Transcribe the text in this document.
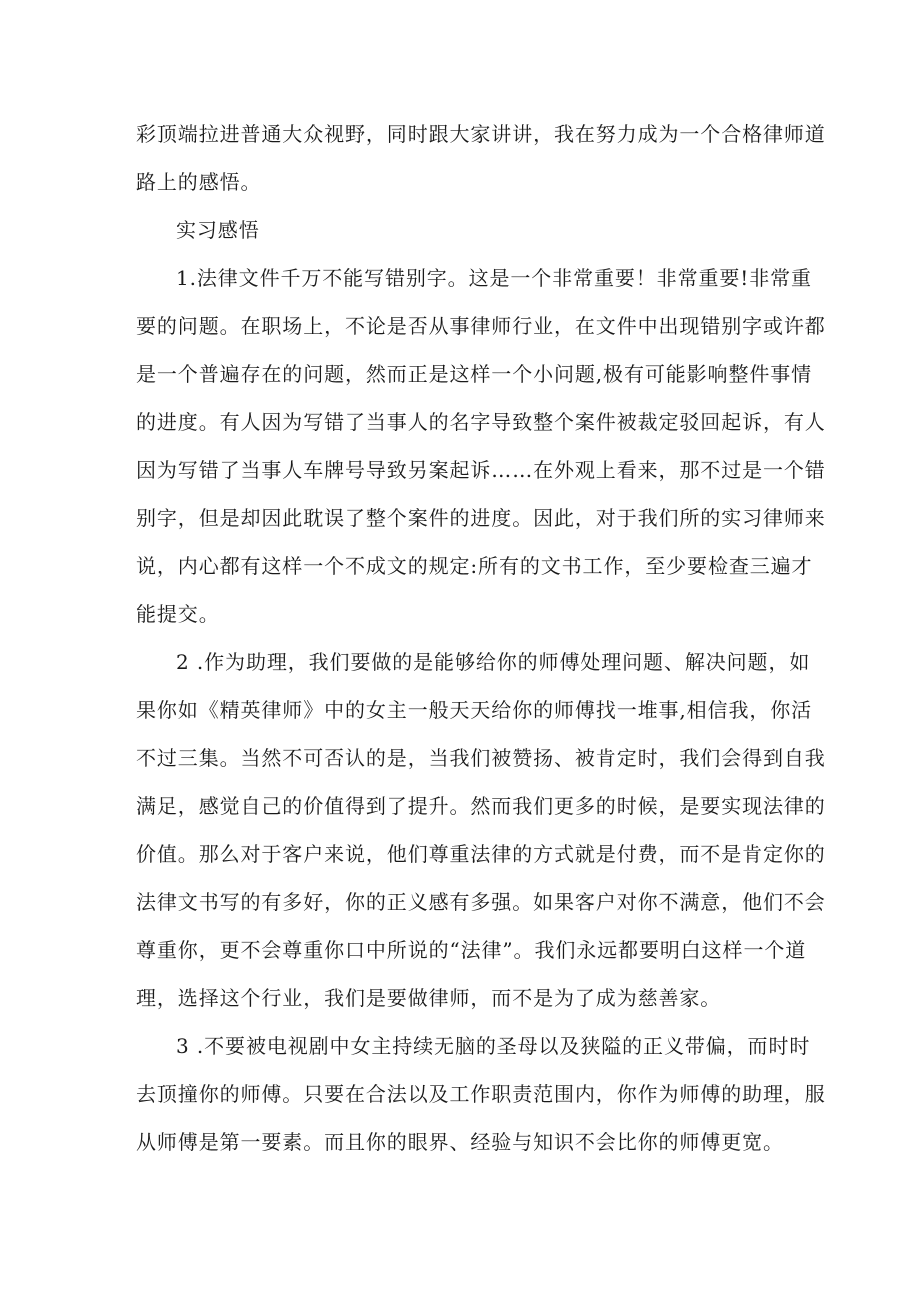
彩顶端拉进普通大众视野，同时跟大家讲讲，我在努力成为一个合格律师道
路上的感悟。
实习感悟
1.法律文件千万不能写错别字。这是一个非常重要！非常重要!非常重
要的问题。在职场上，不论是否从事律师行业，在文件中出现错别字或许都
是一个普遍存在的问题，然而正是这样一个小问题,极有可能影响整件事情
的进度。有人因为写错了当事人的名字导致整个案件被裁定驳回起诉，有人
因为写错了当事人车牌号导致另案起诉……在外观上看来，那不过是一个错
别字，但是却因此耽误了整个案件的进度。因此，对于我们所的实习律师来
说，内心都有这样一个不成文的规定:所有的文书工作，至少要检查三遍才
能提交。
2 .作为助理，我们要做的是能够给你的师傅处理问题、解决问题，如
果你如《精英律师》中的女主一般天天给你的师傅找一堆事,相信我，你活
不过三集。当然不可否认的是，当我们被赞扬、被肯定时，我们会得到自我
满足，感觉自己的价值得到了提升。然而我们更多的时候，是要实现法律的
价值。那么对于客户来说，他们尊重法律的方式就是付费，而不是肯定你的
法律文书写的有多好，你的正义感有多强。如果客户对你不满意，他们不会
尊重你，更不会尊重你口中所说的“法律”。我们永远都要明白这样一个道
理，选择这个行业，我们是要做律师，而不是为了成为慈善家。
3 .不要被电视剧中女主持续无脑的圣母以及狭隘的正义带偏，而时时
去顶撞你的师傅。只要在合法以及工作职责范围内，你作为师傅的助理，服
从师傅是第一要素。而且你的眼界、经验与知识不会比你的师傅更宽。
